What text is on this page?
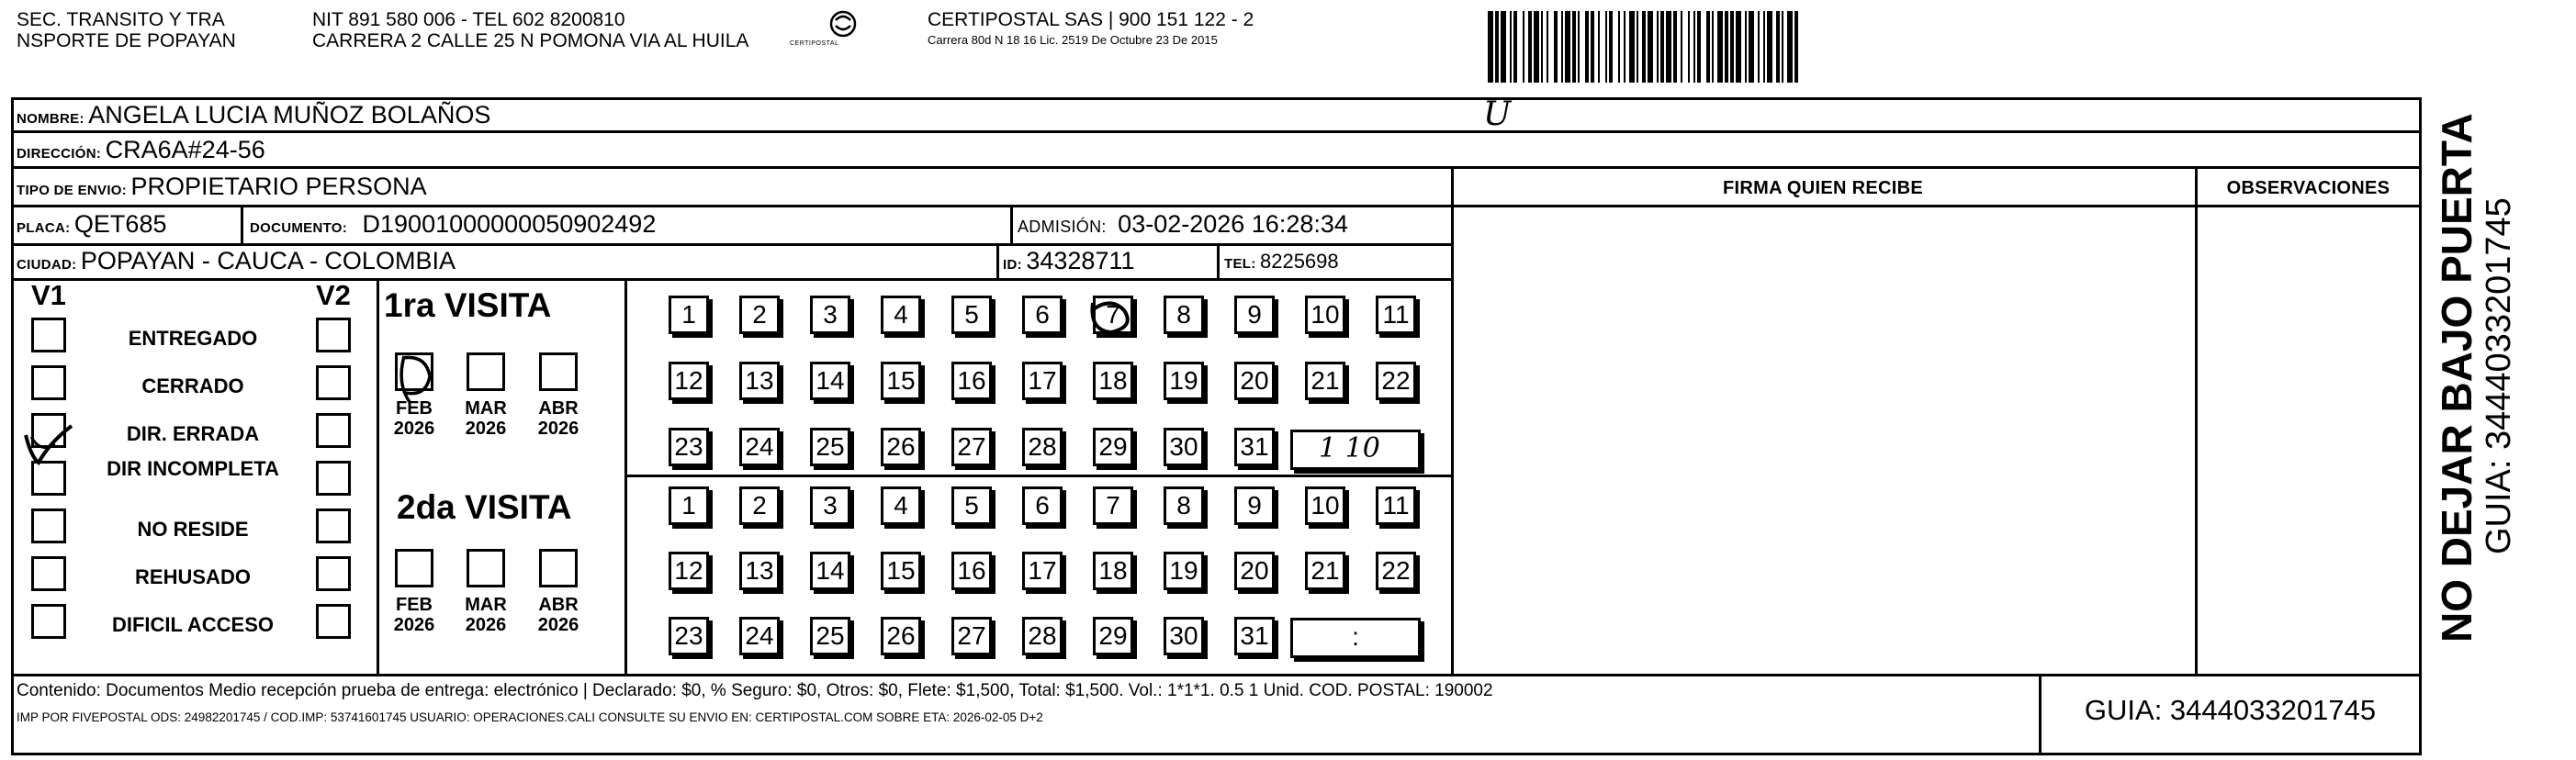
SEC. TRANSITO Y TRA
NSPORTE DE POPAYAN
NIT 891 580 006 - TEL 602 8200810
CARRERA 2 CALLE 25 N POMONA VIA AL HUILA	CERTIPOSTAL
CERTIPOSTAL SAS | 900 151 122 - 2
Carrera 80d N 18 16 Lic. 2519 De Octubre 23 De 2015
NOMBRE: ANGELA LUCIA MUÑOZ BOLAÑOS	U
DIRECCIÓN: CRA6A#24-56
TIPO DE ENVIO: PROPIETARIO PERSONA	FIRMA QUIEN RECIBE	OBSERVACIONES
PLACA: QET685	DOCUMENTO: D19001000000050902492	ADMISIÓN: 03-02-2026 16:28:34
CIUDAD: POPAYAN - CAUCA - COLOMBIA	ID: 34328711	TEL: 8225698
V1	V2
ENTREGADO
CERRADO
DIR. ERRADA
DIR INCOMPLETA
NO RESIDE
REHUSADO
DIFICIL ACCESO
1ra VISITA
FEB
2026
MAR
2026
ABR
2026
1	2	3	4	5	6	7	8	9	10 11
12 13 14 15 16 17 18 19 20 21 22
23 24 25 26 27 28 29 30 31 1 10
2da VISITA
FEB
2026
MAR
2026
ABR
2026
1	2	3	4	5	6	7	8	9	10 11
12 13 14 15 16 17 18 19 20 21 22
23 24 25 26 27 28 29 30 31	:
Contenido: Documentos Medio recepción prueba de entrega: electrónico | Declarado: $0, % Seguro: $0, Otros: $0, Flete: $1,500, Total: $1,500. Vol.: 1*1*1. 0.5 1 Unid. COD. POSTAL: 190002
IMP POR FIVEPOSTAL ODS: 24982201745 / COD.IMP: 53741601745 USUARIO: OPERACIONES.CALI CONSULTE SU ENVIO EN: CERTIPOSTAL.COM SOBRE ETA: 2026-02-05 D+2	GUIA: 3444033201745
NO DEJAR BAJO PUERTA GUIA: 3444033201745
